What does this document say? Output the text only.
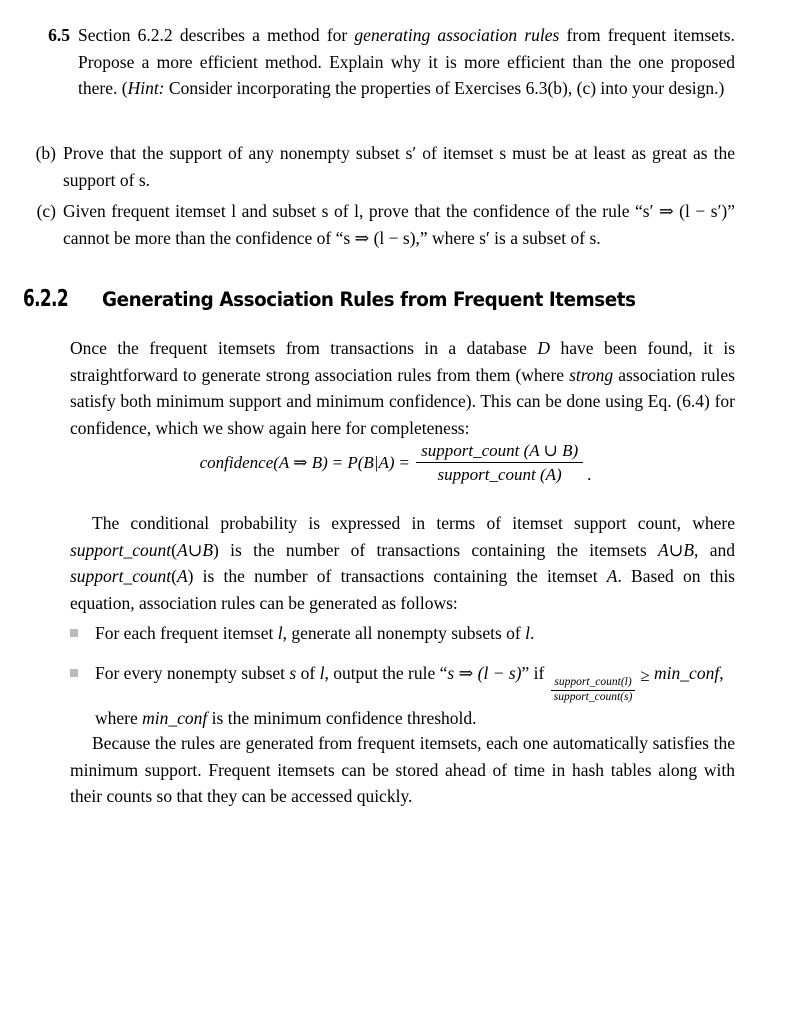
6.5 Section 6.2.2 describes a method for generating association rules from frequent itemsets. Propose a more efficient method. Explain why it is more efficient than the one proposed there. (Hint: Consider incorporating the properties of Exercises 6.3(b), (c) into your design.)
(b) Prove that the support of any nonempty subset s′ of itemset s must be at least as great as the support of s.
(c) Given frequent itemset l and subset s of l, prove that the confidence of the rule “s′ ⇒ (l − s′)” cannot be more than the confidence of “s ⇒ (l − s),” where s′ is a subset of s.
6.2.2 Generating Association Rules from Frequent Itemsets
Once the frequent itemsets from transactions in a database D have been found, it is straightforward to generate strong association rules from them (where strong association rules satisfy both minimum support and minimum confidence). This can be done using Eq. (6.4) for confidence, which we show again here for completeness:
confidence (A ⇒ $B) = P(B|A) = \frac{\text{support\_count (A ∪ B)}}{\text{support\_count (A)}}$ .
The conditional probability is expressed in terms of itemset support count, where support_count(A∪B) is the number of transactions containing the itemsets A∪B, and support_count(A) is the number of transactions containing the itemset A. Based on this equation, association rules can be generated as follows:
For each frequent itemset l, generate all nonempty subsets of l.
For every nonempty subset s of l, output the rule “s ⇒ (l − s)” if
$\frac{\text{support\_count(l)}}{\text{support\_count(s)}}$
≥ min_conf, where min_conf is the minimum confidence threshold.
Because the rules are generated from frequent itemsets, each one automatically satisfies the minimum support. Frequent itemsets can be stored ahead of time in hash tables along with their counts so that they can be accessed quickly.
